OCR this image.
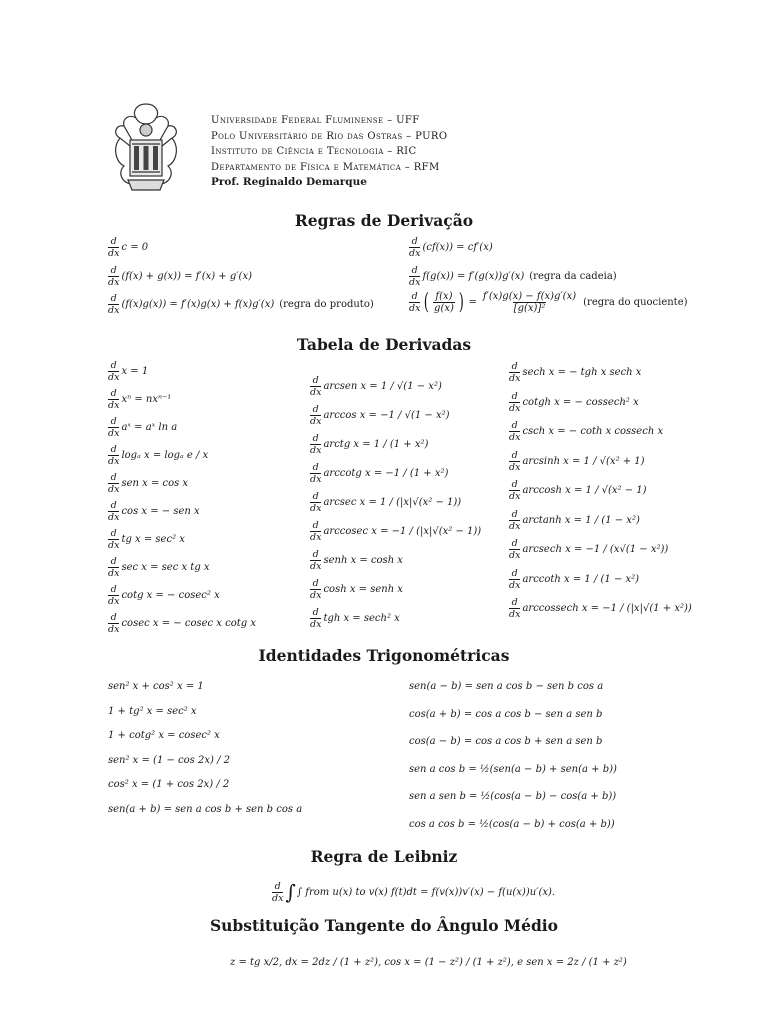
Universidade Federal Fluminense – UFF
Polo Universitário de Rio das Ostras – PURO
Instituto de Ciência e Tecnologia – RIC
Departamento de Física e Matemática – RFM
Prof. Reginaldo Demarque
Regras de Derivação
d
dx
c = 0
d
dx
(f(x) + g(x)) = f′(x) + g′(x)
d
dx
(f(x)g(x)) = f′(x)g(x) + f(x)g′(x) (regra do produto)
d
dx
(cf(x)) = cf′(x)
d
dx
f(g(x)) = f′(g(x))g′(x) (regra da cadeia)
d
dx ( f(x)
g(x) ) = $\frac{f'(x)g(x) - f(x)g'(x)}{\text{[g(x)]²}}$ (regra do quociente)
Tabela de Derivadas
d
dx
x = 1
d
dx
xⁿ = nxⁿ⁻¹
d
dx
aˣ = aˣ ln a
d
dx
logₐ x = logₐ e / x
d
dx
sen x = cos x
d
dx
cos x = − sen x
d
dx
tg x = sec² x
d
dx
sec x = sec x tg x
d
dx
cotg x = − cosec² x
d
dx
cosec x = − cosec x cotg x
d
dx
arcsen x = 1 / √(1 − x²)
d
dx
arccos x = −1 / √(1 − x²)
d
dx
arctg x = 1 / (1 + x²)
d
dx
arccotg x = −1 / (1 + x²)
d
dx
arcsec x = 1 / (|x|√(x² − 1))
d
dx
arccosec x = −1 / (|x|√(x² − 1))
d
dx
senh x = cosh x
d
dx
cosh x = senh x
d
dx
tgh x = sech² x
d
dx
sech x = − tgh x sech x
d
dx
cotgh x = − cossech² x
d
dx
csch x = − coth x cossech x
d
dx
arcsinh x = 1 / √(x² + 1)
d
dx
arccosh x = 1 / √(x² − 1)
d
dx
arctanh x = 1 / (1 − x²)
d
dx
arcsech x = −1 / (x√(1 − x²))
d
dx
arccoth x = 1 / (1 − x²)
d
dx
arccossech x = −1 / (|x|√(1 + x²))
Identidades Trigonométricas
sen² x + cos² x = 1
1 + tg² x = sec² x
1 + cotg² x = cosec² x
sen² x = (1 − cos 2x) / 2
cos² x = (1 + cos 2x) / 2
sen(a + b) = sen a cos b + sen b cos a
sen(a − b) = sen a cos b − sen b cos a
cos(a + b) = cos a cos b − sen a sen b
cos(a − b) = cos a cos b + sen a sen b
sen a cos b = ½(sen(a − b) + sen(a + b))
sen a sen b = ½(cos(a − b) − cos(a + b))
cos a cos b = ½(cos(a − b) + cos(a + b))
Regra de Leibniz
d
dx ∫ ∫ from u(x) to v(x) f(t)dt = f(v(x))v′(x) − f(u(x))u′(x).
Substituição Tangente do Ângulo Médio
z = tg x/2, dx = 2dz / (1 + z²), cos x = (1 − z²) / (1 + z²), e sen x = 2z / (1 + z²)
